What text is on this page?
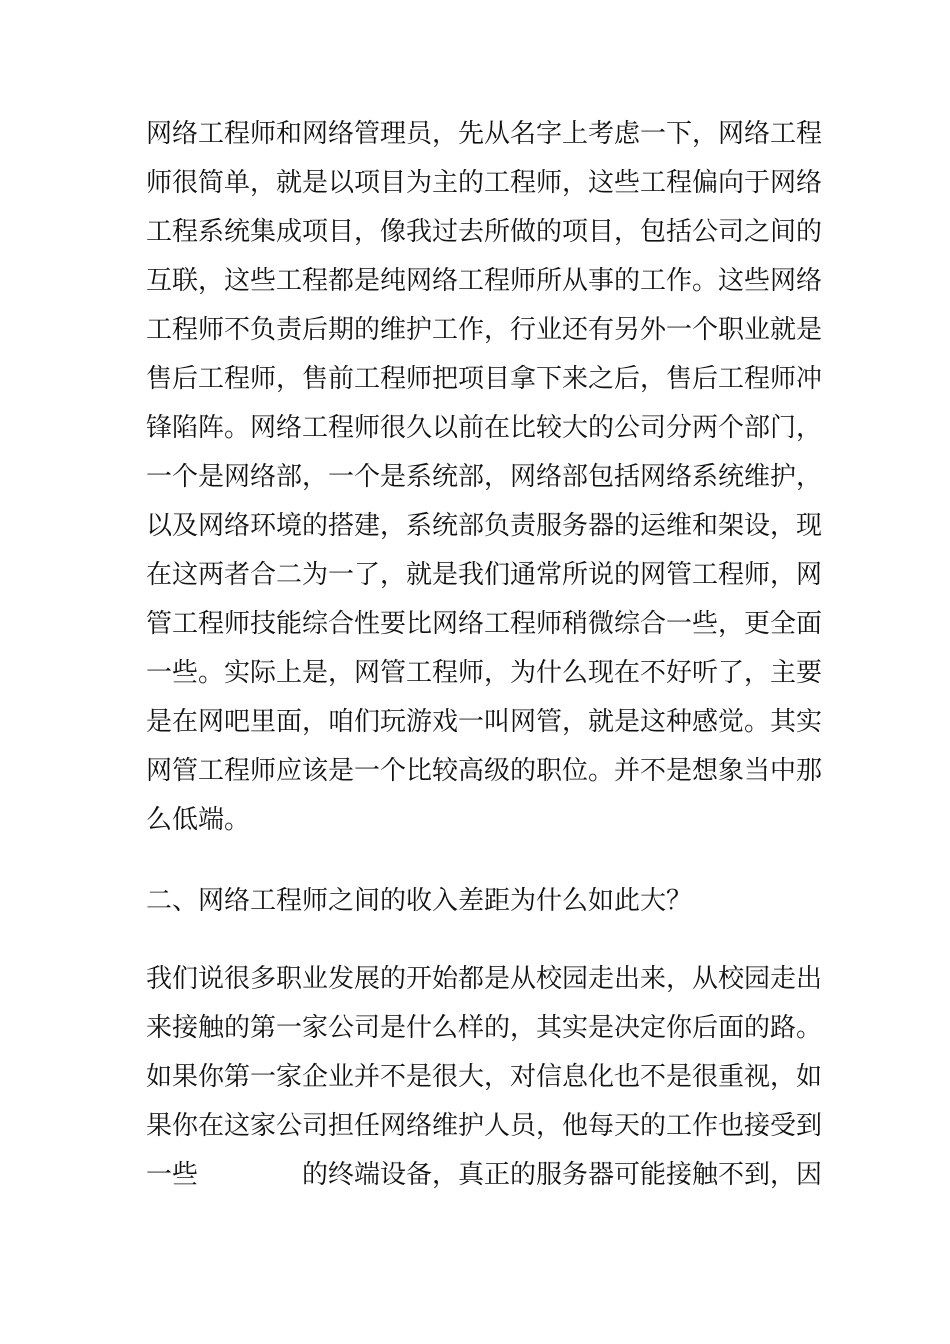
网络工程师和网络管理员，先从名字上考虑一下，网络工程
师很简单，就是以项目为主的工程师，这些工程偏向于网络
工程系统集成项目，像我过去所做的项目，包括公司之间的
互联，这些工程都是纯网络工程师所从事的工作。这些网络
工程师不负责后期的维护工作，行业还有另外一个职业就是
售后工程师，售前工程师把项目拿下来之后，售后工程师冲
锋陷阵。网络工程师很久以前在比较大的公司分两个部门，
一个是网络部，一个是系统部，网络部包括网络系统维护，
以及网络环境的搭建，系统部负责服务器的运维和架设，现
在这两者合二为一了，就是我们通常所说的网管工程师，网
管工程师技能综合性要比网络工程师稍微综合一些，更全面
一些。实际上是，网管工程师，为什么现在不好听了，主要
是在网吧里面，咱们玩游戏一叫网管，就是这种感觉。其实
网管工程师应该是一个比较高级的职位。并不是想象当中那
么低端。
二、网络工程师之间的收入差距为什么如此大？
我们说很多职业发展的开始都是从校园走出来，从校园走出
来接触的第一家公司是什么样的，其实是决定你后面的路。
如果你第一家企业并不是很大，对信息化也不是很重视，如
果你在这家公司担任网络维护人员，他每天的工作也接受到
一些	的终端设备，真正的服务器可能接触不到，因
